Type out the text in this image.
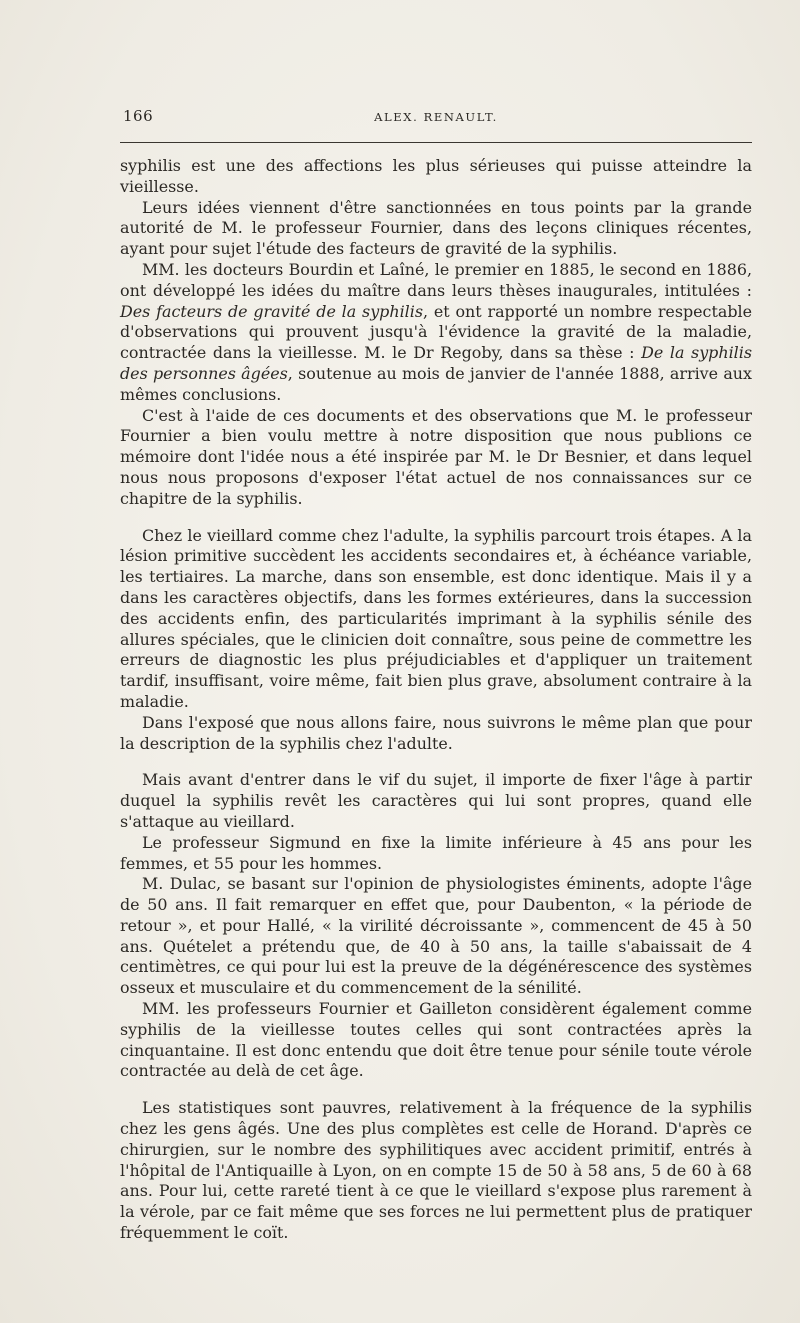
166	ALEX. RENAULT.

syphilis est une des affections les plus sérieuses qui puisse atteindre la vieillesse.

Leurs idées viennent d'être sanctionnées en tous points par la grande autorité de M. le professeur Fournier, dans des leçons cliniques récentes, ayant pour sujet l'étude des facteurs de gravité de la syphilis.

MM. les docteurs Bourdin et Laîné, le premier en 1885, le second en 1886, ont développé les idées du maître dans leurs thèses inaugurales, intitulées : Des facteurs de gravité de la syphilis, et ont rapporté un nombre respectable d'observations qui prouvent jusqu'à l'évidence la gravité de la maladie, contractée dans la vieillesse. M. le Dr Regoby, dans sa thèse : De la syphilis des personnes âgées, soutenue au mois de janvier de l'année 1888, arrive aux mêmes conclusions.

C'est à l'aide de ces documents et des observations que M. le professeur Fournier a bien voulu mettre à notre disposition que nous publions ce mémoire dont l'idée nous a été inspirée par M. le Dr Besnier, et dans lequel nous nous proposons d'exposer l'état actuel de nos connaissances sur ce chapitre de la syphilis.

Chez le vieillard comme chez l'adulte, la syphilis parcourt trois étapes. A la lésion primitive succèdent les accidents secondaires et, à échéance variable, les tertiaires. La marche, dans son ensemble, est donc identique. Mais il y a dans les caractères objectifs, dans les formes extérieures, dans la succession des accidents enfin, des particularités imprimant à la syphilis sénile des allures spéciales, que le clinicien doit connaître, sous peine de commettre les erreurs de diagnostic les plus préjudiciables et d'appliquer un traitement tardif, insuffisant, voire même, fait bien plus grave, absolument contraire à la maladie.

Dans l'exposé que nous allons faire, nous suivrons le même plan que pour la description de la syphilis chez l'adulte.

Mais avant d'entrer dans le vif du sujet, il importe de fixer l'âge à partir duquel la syphilis revêt les caractères qui lui sont propres, quand elle s'attaque au vieillard.

Le professeur Sigmund en fixe la limite inférieure à 45 ans pour les femmes, et 55 pour les hommes.

M. Dulac, se basant sur l'opinion de physiologistes éminents, adopte l'âge de 50 ans. Il fait remarquer en effet que, pour Daubenton, « la période de retour », et pour Hallé, « la virilité décroissante », commencent de 45 à 50 ans. Quételet a prétendu que, de 40 à 50 ans, la taille s'abaissait de 4 centimètres, ce qui pour lui est la preuve de la dégénérescence des systèmes osseux et musculaire et du commencement de la sénilité.

MM. les professeurs Fournier et Gailleton considèrent également comme syphilis de la vieillesse toutes celles qui sont contractées après la cinquantaine. Il est donc entendu que doit être tenue pour sénile toute vérole contractée au delà de cet âge.

Les statistiques sont pauvres, relativement à la fréquence de la syphilis chez les gens âgés. Une des plus complètes est celle de Horand. D'après ce chirurgien, sur le nombre des syphilitiques avec accident primitif, entrés à l'hôpital de l'Antiquaille à Lyon, on en compte 15 de 50 à 58 ans, 5 de 60 à 68 ans. Pour lui, cette rareté tient à ce que le vieillard s'expose plus rarement à la vérole, par ce fait même que ses forces ne lui permettent plus de pratiquer fréquemment le coït.
